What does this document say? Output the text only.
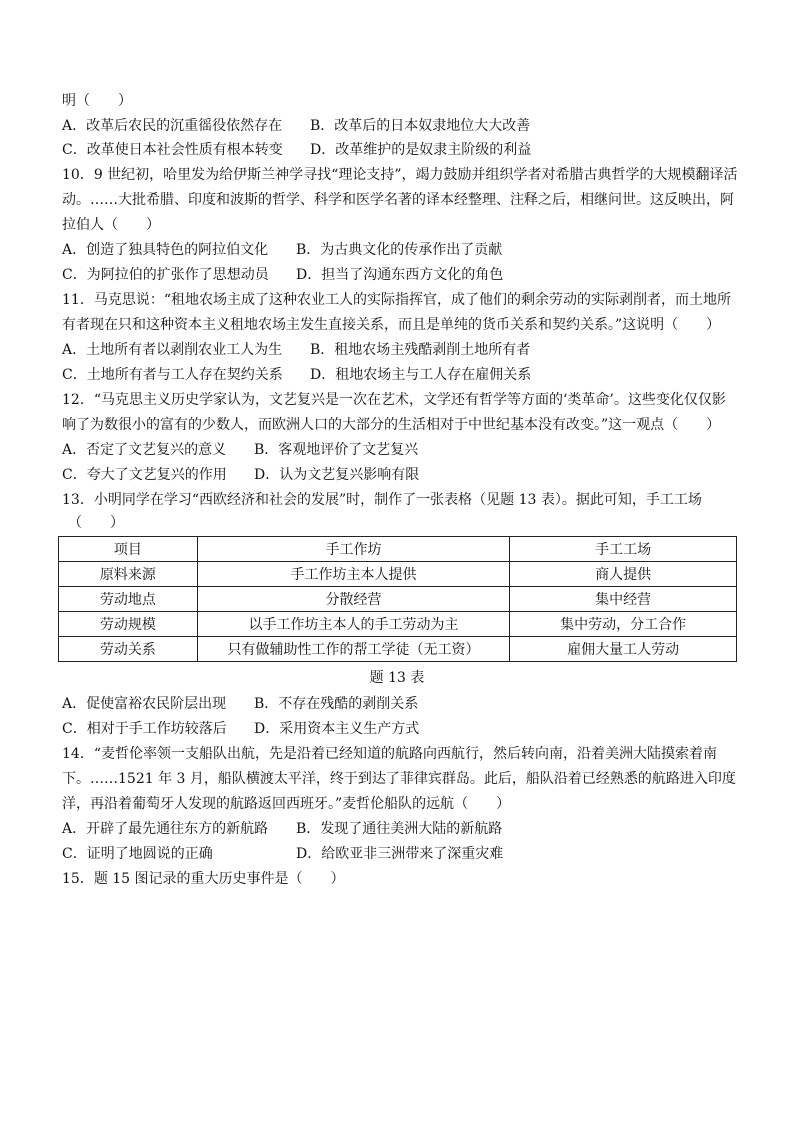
明（　　）
A．改革后农民的沉重徭役依然存在 B．改革后的日本奴隶地位大大改善
C．改革使日本社会性质有根本转变 D．改革维护的是奴隶主阶级的利益
10．9 世纪初，哈里发为给伊斯兰神学寻找“理论支持”，竭力鼓励并组织学者对希腊古典哲学的大规模翻译活
动。……大批希腊、印度和波斯的哲学、科学和医学名著的译本经整理、注释之后，相继问世。这反映出，阿
拉伯人（　　）
A．创造了独具特色的阿拉伯文化 B．为古典文化的传承作出了贡献
C．为阿拉伯的扩张作了思想动员 D．担当了沟通东西方文化的角色
11．马克思说：“租地农场主成了这种农业工人的实际指挥官，成了他们的剩余劳动的实际剥削者，而土地所
有者现在只和这种资本主义租地农场主发生直接关系，而且是单纯的货币关系和契约关系。”这说明（　　）
A．土地所有者以剥削农业工人为生 B．租地农场主残酷剥削土地所有者
C．土地所有者与工人存在契约关系 D．租地农场主与工人存在雇佣关系
12．“马克思主义历史学家认为，文艺复兴是一次在艺术，文学还有哲学等方面的‘类革命’。这些变化仅仅影
响了为数很小的富有的少数人，而欧洲人口的大部分的生活相对于中世纪基本没有改变。”这一观点（　　）
A．否定了文艺复兴的意义 B．客观地评价了文艺复兴
C．夸大了文艺复兴的作用 D．认为文艺复兴影响有限
13．小明同学在学习“西欧经济和社会的发展”时，制作了一张表格（见题 13 表）。据此可知，手工工场
（　　）
项目	手工作坊	手工工场
原料来源	手工作坊主本人提供	商人提供
劳动地点	分散经营	集中经营
劳动规模	以手工作坊主本人的手工劳动为主	集中劳动，分工合作
劳动关系	只有做辅助性工作的帮工学徒（无工资）	雇佣大量工人劳动
题 13 表
A．促使富裕农民阶层出现 B．不存在残酷的剥削关系
C．相对于手工作坊较落后 D．采用资本主义生产方式
14．“麦哲伦率领一支船队出航，先是沿着已经知道的航路向西航行，然后转向南，沿着美洲大陆摸索着南
下。……1521 年 3 月，船队横渡太平洋，终于到达了菲律宾群岛。此后，船队沿着已经熟悉的航路进入印度
洋，再沿着葡萄牙人发现的航路返回西班牙。”麦哲伦船队的远航（　　）
A．开辟了最先通往东方的新航路 B．发现了通往美洲大陆的新航路
C．证明了地圆说的正确	D．给欧亚非三洲带来了深重灾难
15．题 15 图记录的重大历史事件是（　　）
